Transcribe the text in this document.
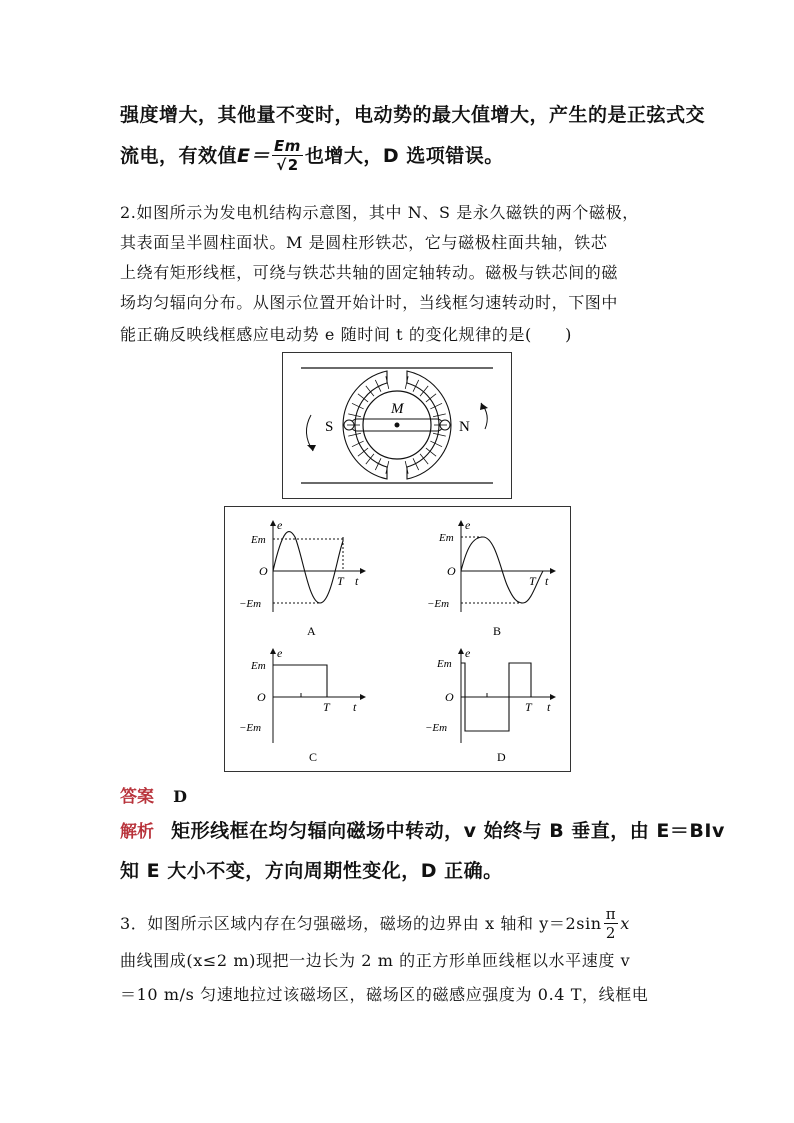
强度增大，其他量不变时，电动势的最大值增大，产生的是正弦式交
流电，有效值$E= \frac{Em}{√2}$ 也增大，D 选项错误。
2.如图所示为发电机结构示意图，其中 N、S 是永久磁铁的两个磁极，
其表面呈半圆柱面状。M 是圆柱形铁芯，它与磁极柱面共轴，铁芯
上绕有矩形线框，可绕与铁芯共轴的固定轴转动。磁极与铁芯间的磁
场均匀辐向分布。从图示位置开始计时，当线框匀速转动时，下图中
能正确反映线框感应电动势 e 随时间 t 的变化规律的是(　　)
S	N
M
e
Em
O
−Em
T t
A
e
Em
O
−Em
T t
B
e
Em
O
−Em
T t
C
e
Em
O
−Em
T t
D
答案 D
解析 矩形线框在均匀辐向磁场中转动，v 始终与 B 垂直，由 E＝BIv
知 E 大小不变，方向周期性变化，D 正确。
3．如图所示区域内存在匀强磁场，磁场的边界由 x 轴和 $y=2\sin \frac{\pi}{2}$ x
曲线围成(x≤2 m)现把一边长为 2 m 的正方形单匝线框以水平速度 v
＝10 m/s 匀速地拉过该磁场区，磁场区的磁感应强度为 0.4 T，线框电
